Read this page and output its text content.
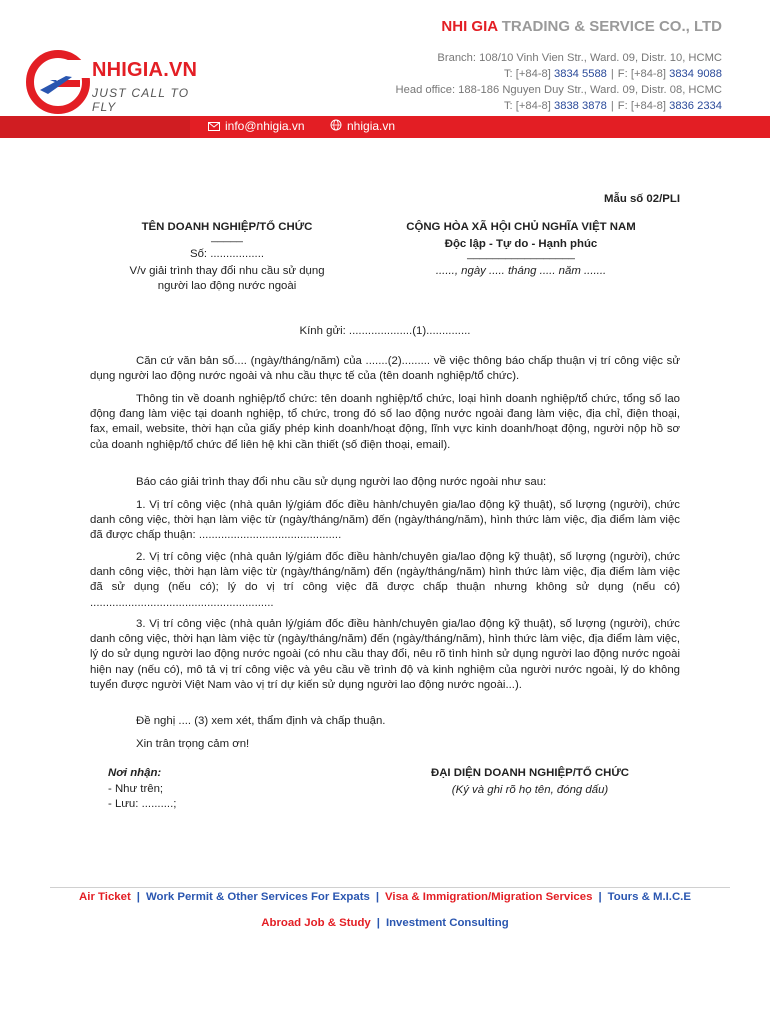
NHIGIA.VN
JUST CALL TO FLY
NHI GIA TRADING & SERVICE CO., LTD
Branch: 108/10 Vinh Vien Str., Ward. 09, Distr. 10, HCMC
T: [+84-8] 3834 5588 | F: [+84-8] 3834 9088
Head office: 188-186 Nguyen Duy Str., Ward. 09, Distr. 08, HCMC
T: [+84-8] 3838 3878 | F: [+84-8] 3836 2334
info@nhigia.vn	nhigia.vn
Mẫu số 02/PLI
TÊN DOANH NGHIỆP/TỔ CHỨC
_____
Số: .................
V/v giải trình thay đổi nhu cầu sử dụng
người lao động nước ngoài
CỘNG HÒA XÃ HỘI CHỦ NGHĨA VIỆT NAM
Độc lập - Tự do - Hạnh phúc
_________________
......, ngày ..... tháng ..... năm .......
Kính gửi: ....................(1)..............
Căn cứ văn bản số.... (ngày/tháng/năm) của .......(2)......... về việc thông báo chấp thuận vị trí công việc sử dụng người lao động nước ngoài và nhu cầu thực tế của (tên doanh nghiệp/tổ chức).
Thông tin về doanh nghiệp/tổ chức: tên doanh nghiệp/tổ chức, loại hình doanh nghiệp/tổ chức, tổng số lao động đang làm việc tại doanh nghiệp, tổ chức, trong đó số lao động nước ngoài đang làm việc, địa chỉ, điện thoại, fax, email, website, thời hạn của giấy phép kinh doanh/hoạt động, lĩnh vực kinh doanh/hoạt động, người nộp hồ sơ của doanh nghiệp/tổ chức để liên hệ khi cần thiết (số điện thoại, email).
Báo cáo giải trình thay đổi nhu cầu sử dụng người lao động nước ngoài như sau:
1. Vị trí công việc (nhà quản lý/giám đốc điều hành/chuyên gia/lao động kỹ thuật), số lượng (người), chức danh công việc, thời hạn làm việc từ (ngày/tháng/năm) đến (ngày/tháng/năm), hình thức làm việc, địa điểm làm việc đã được chấp thuận: .............................................
2. Vị trí công việc (nhà quản lý/giám đốc điều hành/chuyên gia/lao động kỹ thuật), số lượng (người), chức danh công việc, thời hạn làm việc từ (ngày/tháng/năm) đến (ngày/tháng/năm) hình thức làm việc, địa điểm làm việc đã sử dụng (nếu có); lý do vị trí công việc đã được chấp thuận nhưng không sử dụng (nếu có) ..........................................................
3. Vị trí công việc (nhà quản lý/giám đốc điều hành/chuyên gia/lao động kỹ thuật), số lượng (người), chức danh công việc, thời hạn làm việc từ (ngày/tháng/năm) đến (ngày/tháng/năm), hình thức làm việc, địa điểm làm việc, lý do sử dụng người lao động nước ngoài (có nhu cầu thay đổi, nêu rõ tình hình sử dụng người lao động nước ngoài hiện nay (nếu có), mô tả vị trí công việc và yêu cầu về trình độ và kinh nghiệm của người nước ngoài, lý do không tuyển được người Việt Nam vào vị trí dự kiến sử dụng người lao động nước ngoài...).
Đề nghị .... (3) xem xét, thẩm định và chấp thuận.
Xin trân trọng cảm ơn!
Nơi nhận:
- Như trên;
- Lưu: ..........;
ĐẠI DIỆN DOANH NGHIỆP/TỔ CHỨC
(Ký và ghi rõ họ tên, đóng dấu)
Air Ticket | Work Permit & Other Services For Expats | Visa & Immigration/Migration Services | Tours & M.I.C.E
Abroad Job & Study | Investment Consulting
